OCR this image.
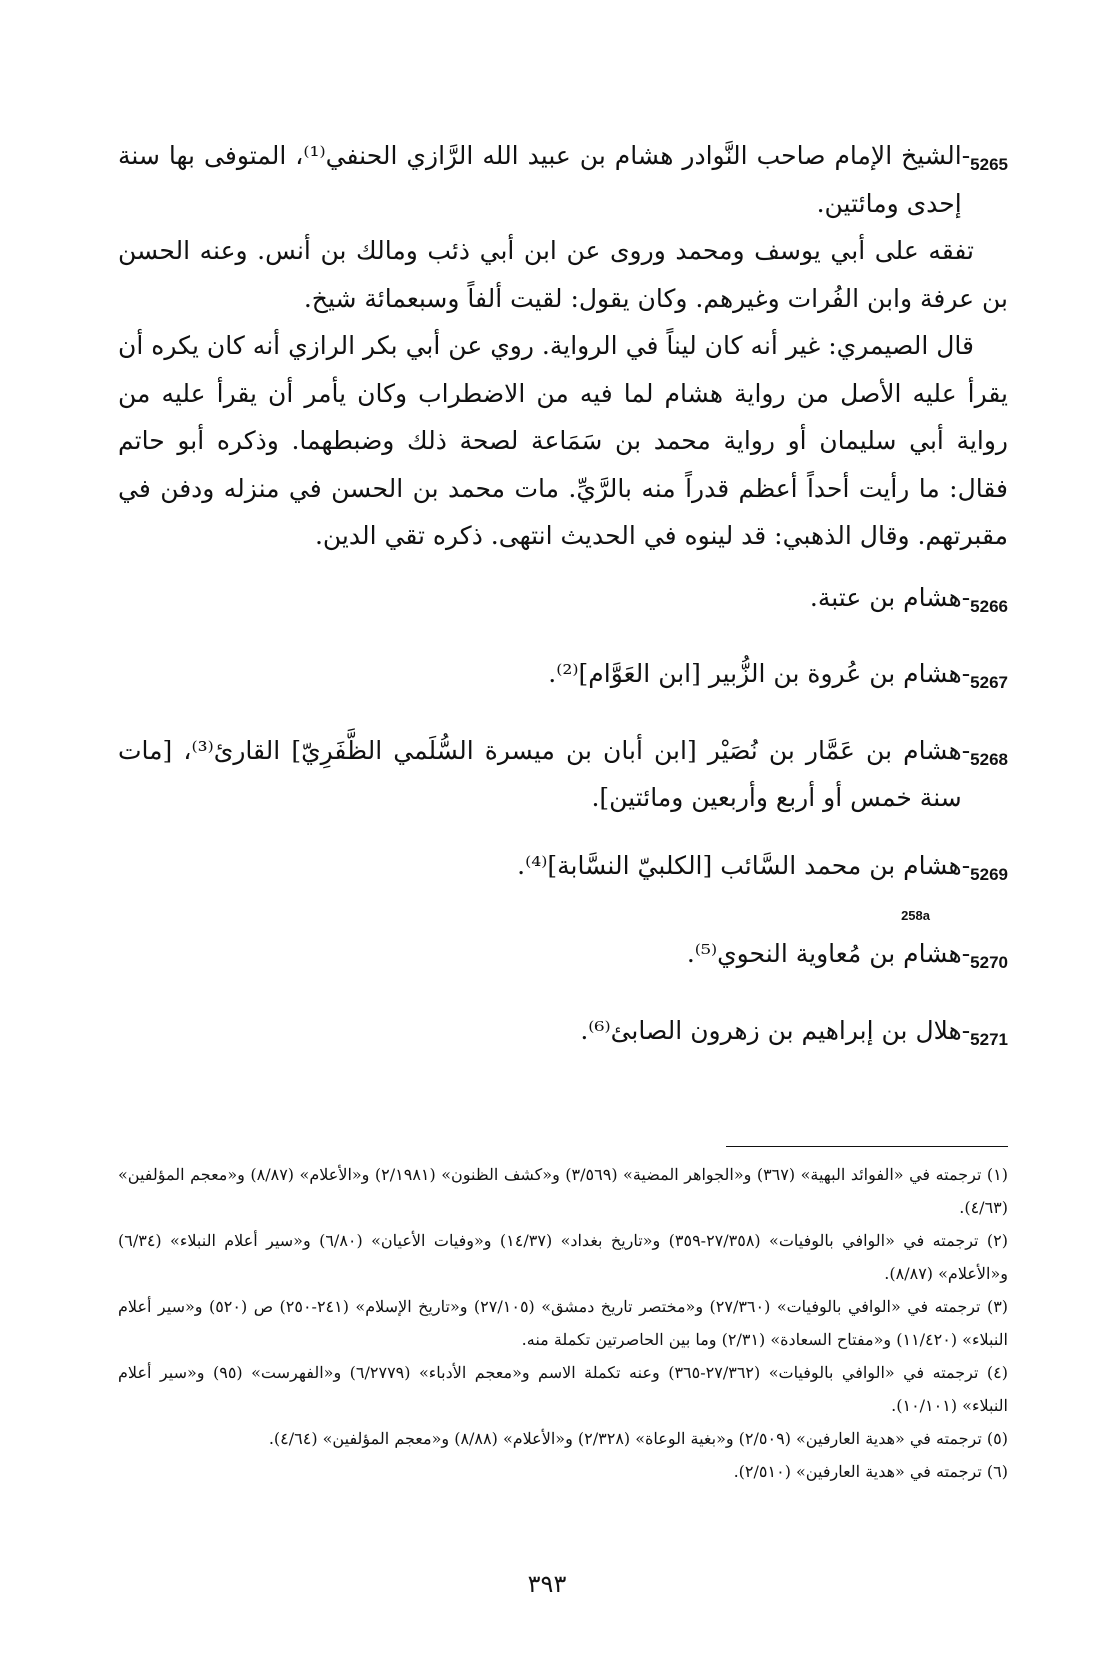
5265
-
الشيخ الإمام صاحب النَّوادر هشام بن عبيد الله الرَّازي الحنفي⁽¹⁾، المتوفى بها سنة إحدى ومائتين.

تفقه على أبي يوسف ومحمد وروى عن ابن أبي ذئب ومالك بن أنس. وعنه الحسن بن عرفة وابن الفُرات وغيرهم. وكان يقول: لقيت ألفاً وسبعمائة شيخ.

قال الصيمري: غير أنه كان ليناً في الرواية. روي عن أبي بكر الرازي أنه كان يكره أن يقرأ عليه الأصل من رواية هشام لما فيه من الاضطراب وكان يأمر أن يقرأ عليه من رواية أبي سليمان أو رواية محمد بن سَمَاعة لصحة ذلك وضبطهما. وذكره أبو حاتم فقال: ما رأيت أحداً أعظم قدراً منه بالرَّيِّ. مات محمد بن الحسن في منزله ودفن في مقبرتهم. وقال الذهبي: قد لينوه في الحديث انتهى. ذكره تقي الدين.

5266
-
هشام بن عتبة.

5267
-
هشام بن عُروة بن الزُّبير [ابن العَوَّام]⁽²⁾.

5268
-
هشام بن عَمَّار بن نُصَيْر [ابن أبان بن ميسرة السُّلَمي الظَّفَرِيّ] القارئ⁽³⁾، [مات سنة خمس أو أربع وأربعين ومائتين].

5269
-
هشام بن محمد السَّائب [الكلبيّ النسَّابة]⁽⁴⁾.

258a

5270
-
هشام بن مُعاوية النحوي⁽⁵⁾.

5271
-
هلال بن إبراهيم بن زهرون الصابئ⁽⁶⁾.

(١) ترجمته في «الفوائد البهية» (٣٦٧) و«الجواهر المضية» (٣/٥٦٩) و«كشف الظنون» (٢/١٩٨١) و«الأعلام» (٨/٨٧) و«معجم المؤلفين» (٤/٦٣).

(٢) ترجمته في «الوافي بالوفيات» (٢٧/٣٥٨-٣٥٩) و«تاريخ بغداد» (١٤/٣٧) و«وفيات الأعيان» (٦/٨٠) و«سير أعلام النبلاء» (٦/٣٤) و«الأعلام» (٨/٨٧).

(٣) ترجمته في «الوافي بالوفيات» (٢٧/٣٦٠) و«مختصر تاريخ دمشق» (٢٧/١٠٥) و«تاريخ الإسلام» (٢٤١-٢٥٠) ص (٥٢٠) و«سير أعلام النبلاء» (١١/٤٢٠) و«مفتاح السعادة» (٢/٣١) وما بين الحاصرتين تكملة منه.

(٤) ترجمته في «الوافي بالوفيات» (٢٧/٣٦٢-٣٦٥) وعنه تكملة الاسم و«معجم الأدباء» (٦/٢٧٧٩) و«الفهرست» (٩٥) و«سير أعلام النبلاء» (١٠/١٠١).

(٥) ترجمته في «هدية العارفين» (٢/٥٠٩) و«بغية الوعاة» (٢/٣٢٨) و«الأعلام» (٨/٨٨) و«معجم المؤلفين» (٤/٦٤).

(٦) ترجمته في «هدية العارفين» (٢/٥١٠).

٣٩٣
